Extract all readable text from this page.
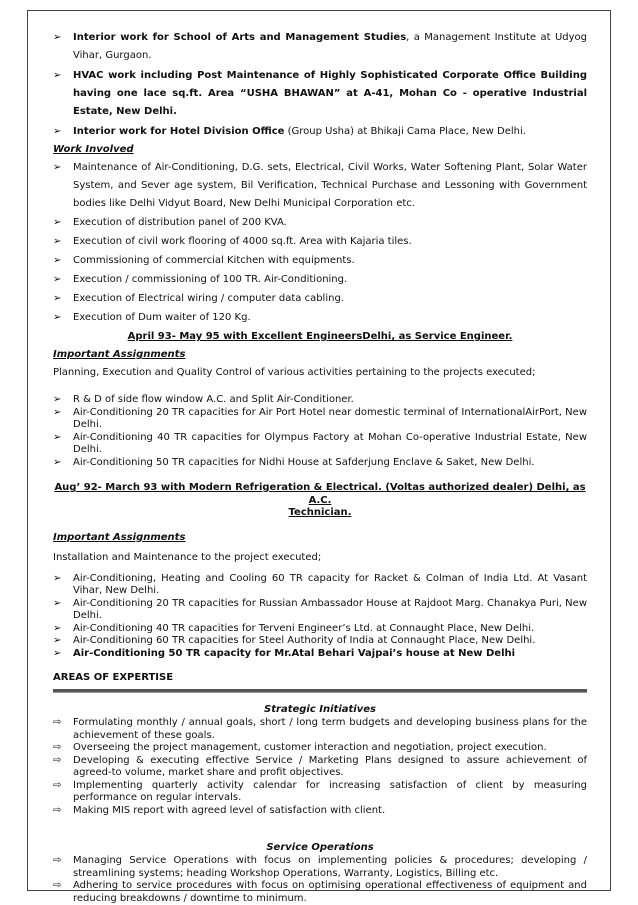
➢ Interior work for School of Arts and Management Studies, a Management Institute at Udyog Vihar, Gurgaon.
➢ HVAC work including Post Maintenance of Highly Sophisticated Corporate Office Building having one lace sq.ft. Area “USHA BHAWAN” at A-41, Mohan Co - operative Industrial Estate, New Delhi.
➢ Interior work for Hotel Division Office (Group Usha) at Bhikaji Cama Place, New Delhi.
Work Involved
➢ Maintenance of Air-Conditioning, D.G. sets, Electrical, Civil Works, Water Softening Plant, Solar Water System, and Sever age system, Bil Verification, Technical Purchase and Lessoning with Government bodies like Delhi Vidyut Board, New Delhi Municipal Corporation etc.
➢ Execution of distribution panel of 200 KVA.
➢ Execution of civil work flooring of 4000 sq.ft. Area with Kajaria tiles.
➢ Commissioning of commercial Kitchen with equipments.
➢ Execution / commissioning of 100 TR. Air-Conditioning.
➢ Execution of Electrical wiring / computer data cabling.
➢ Execution of Dum waiter of 120 Kg.
April 93- May 95 with Excellent EngineersDelhi, as Service Engineer.
Important Assignments
Planning, Execution and Quality Control of various activities pertaining to the projects executed;
➢ R & D of side flow window A.C. and Split Air-Conditioner.
➢ Air-Conditioning 20 TR capacities for Air Port Hotel near domestic terminal of InternationalAirPort, New Delhi.
➢ Air-Conditioning 40 TR capacities for Olympus Factory at Mohan Co-operative Industrial Estate, New Delhi.
➢ Air-Conditioning 50 TR capacities for Nidhi House at Safderjung Enclave & Saket, New Delhi.
Aug’ 92- March 93 with Modern Refrigeration & Electrical. (Voltas authorized dealer) Delhi, as A.C.
Technician.
Important Assignments
Installation and Maintenance to the project executed;
➢ Air-Conditioning, Heating and Cooling 60 TR capacity for Racket & Colman of India Ltd. At Vasant Vihar, New Delhi.
➢ Air-Conditioning 20 TR capacities for Russian Ambassador House at Rajdoot Marg. Chanakya Puri, New Delhi.
➢ Air-Conditioning 40 TR capacities for Terveni Engineer’s Ltd. at Connaught Place, New Delhi.
➢ Air-Conditioning 60 TR capacities for Steel Authority of India at Connaught Place, New Delhi.
➢ Air-Conditioning 50 TR capacity for Mr.Atal Behari Vajpai’s house at New Delhi
AREAS OF EXPERTISE
Strategic Initiatives
⇨ Formulating monthly / annual goals, short / long term budgets and developing business plans for the achievement of these goals.
⇨ Overseeing the project management, customer interaction and negotiation, project execution.
⇨ Developing & executing effective Service / Marketing Plans designed to assure achievement of agreed-to volume, market share and profit objectives.
⇨ Implementing quarterly activity calendar for increasing satisfaction of client by measuring performance on regular intervals.
⇨ Making MIS report with agreed level of satisfaction with client.
Service Operations
⇨ Managing Service Operations with focus on implementing policies & procedures; developing / streamlining systems; heading Workshop Operations, Warranty, Logistics, Billing etc.
⇨ Adhering to service procedures with focus on optimising operational effectiveness of equipment and reducing breakdowns / downtime to minimum.
